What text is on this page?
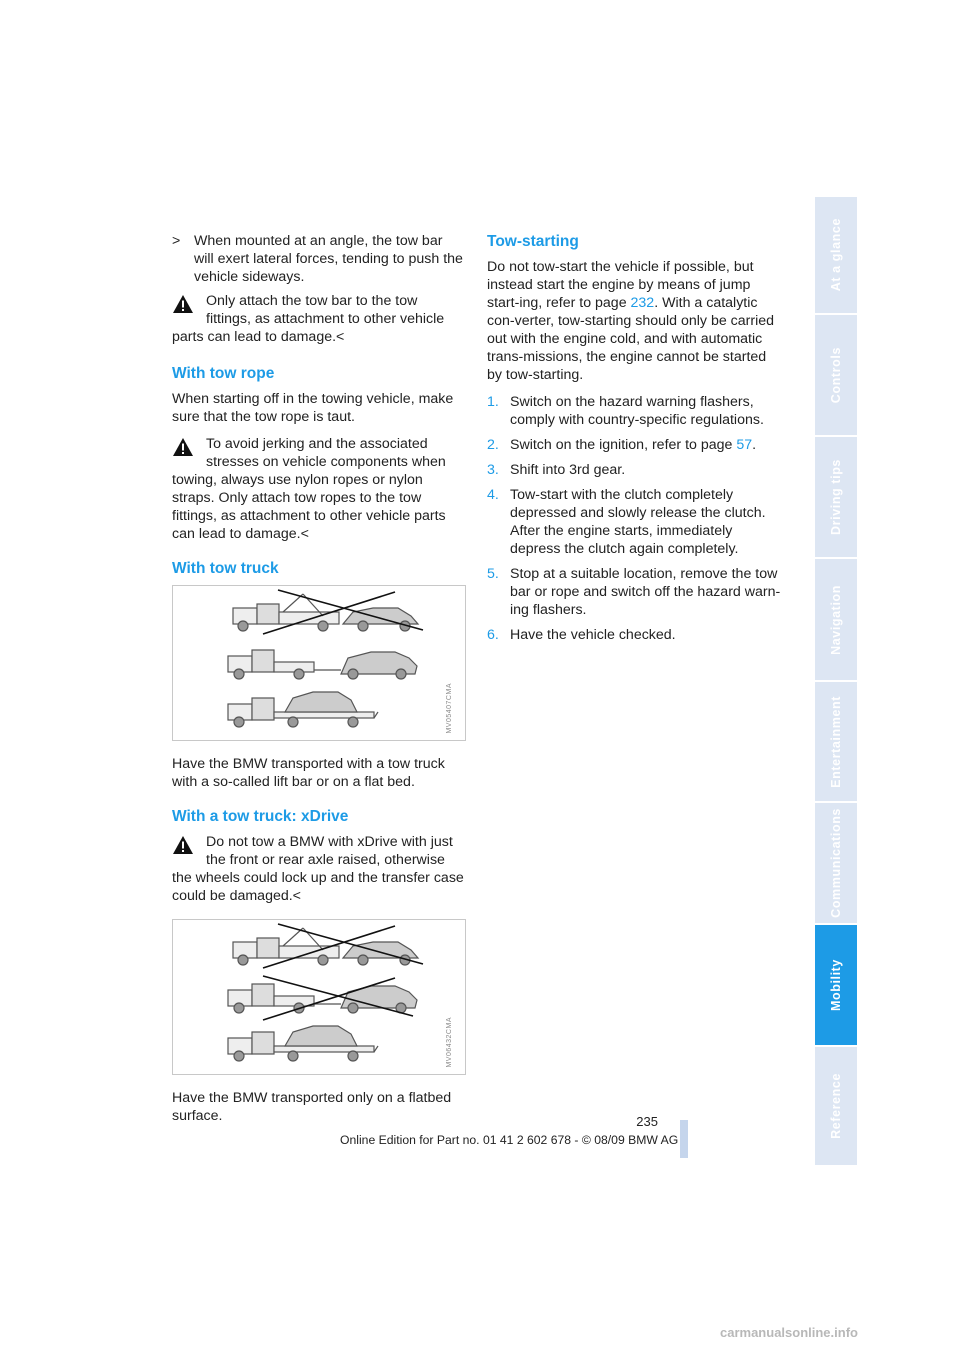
> When mounted at an angle, the tow bar will exert lateral forces, tending to push the vehicle sideways.
Only attach the tow bar to the tow fittings, as attachment to other vehicle parts can lead to damage.<
With tow rope

When starting off in the towing vehicle, make sure that the tow rope is taut.

To avoid jerking and the associated stresses on vehicle components when towing, always use nylon ropes or nylon straps. Only attach tow ropes to the tow fittings, as attachment to other vehicle parts can lead to damage.<
With tow truck
MV05407CMA

Have the BMW transported with a tow truck with a so-called lift bar or on a flat bed.

With a tow truck: xDrive
Do not tow a BMW with xDrive with just the front or rear axle raised, otherwise the wheels could lock up and the transfer case could be damaged.<
MV06432CMA

Have the BMW transported only on a flatbed surface.

Tow-starting

Do not tow-start the vehicle if possible, but instead start the engine by means of jump start-ing, refer to page 232. With a catalytic con-verter, tow-starting should only be carried out with the engine cold, and with automatic trans-missions, the engine cannot be started by tow-starting.

1. Switch on the hazard warning flashers, comply with country-specific regulations.
2. Switch on the ignition, refer to page 57.
3. Shift into 3rd gear.
4. Tow-start with the clutch completely depressed and slowly release the clutch. After the engine starts, immediately depress the clutch again completely.
5. Stop at a suitable location, remove the tow bar or rope and switch off the hazard warn-ing flashers.
6. Have the vehicle checked.
At a glance
Controls
Driving tips
Navigation
Entertainment
Communications
Mobility
Reference
235
Online Edition for Part no. 01 41 2 602 678 - © 08/09 BMW AG
carmanualsonline.info
